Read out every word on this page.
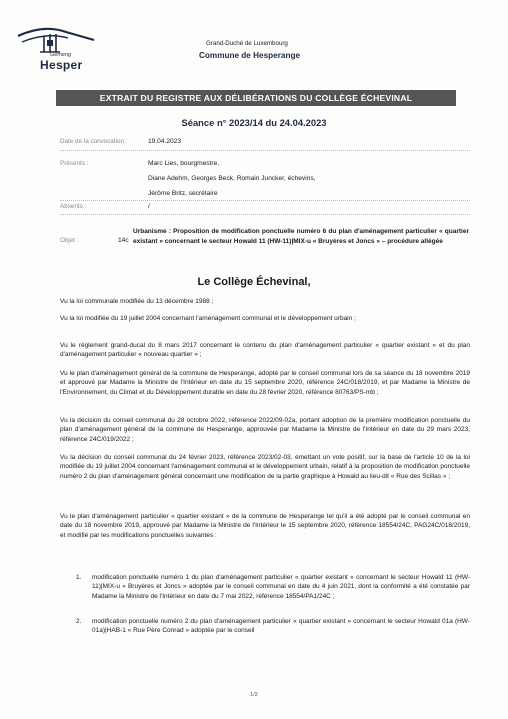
Gemeng
Hesper
Grand-Duché de Luxembourg
Commune de Hesperange
EXTRAIT DU REGISTRE AUX DÉLIBÉRATIONS DU COLLÈGE ÉCHEVINAL
Séance n° 2023/14 du 24.04.2023
Date de la convocation :	19.04.2023
Présents :	Marc Lies, bourgmestre,
Diane Adehm, Georges Beck, Romain Juncker, échevins,
Jérôme Britz, secrétaire
Absents :	/
Objet :	14c
Urbanisme : Proposition de modification ponctuelle numéro 6 du plan d'aménagement particulier « quartier existant » concernant le secteur Howald 11 (HW-11)|MIX-u « Bruyères et Joncs » – procédure allégée
Le Collège Échevinal,

Vu la loi communale modifiée du 13 décembre 1988 ;

Vu la loi modifiée du 19 juillet 2004 concernant l'aménagement communal et le développement urbain ;

Vu le règlement grand-ducal du 8 mars 2017 concernant le contenu du plan d'aménagement particulier « quartier existant » et du plan d'aménagement particulier « nouveau quartier » ;

Vu le plan d'aménagement général de la commune de Hesperange, adopté par le conseil communal lors de sa séance du 18 novembre 2019 et approuvé par Madame la Ministre de l'Intérieur en date du 15 septembre 2020, référence 24C/018/2019, et par Madame la Ministre de l'Environnement, du Climat et du Développement durable en date du 28 février 2020, référence 80763/PS-mb ;

Vu la décision du conseil communal du 28 octobre 2022, référence 2022/09-02a, portant adoption de la première modification ponctuelle du plan d'aménagement général de la commune de Hesperange, approuvée par Madame la Ministre de l'Intérieur en date du 29 mars 2023, référence 24C/019/2022 ;

Vu la décision du conseil communal du 24 février 2023, référence 2023/02-03, émettant un vote positif, sur la base de l'article 10 de la loi modifiée du 19 juillet 2004 concernant l'aménagement communal et le développement urbain, relatif à la proposition de modification ponctuelle numéro 2 du plan d'aménagement général concernant une modification de la partie graphique à Howald au lieu-dit « Rue des Scillas » ;

Vu le plan d'aménagement particulier « quartier existant » de la commune de Hesperange tel qu'il a été adopté par le conseil communal en date du 18 novembre 2019, approuvé par Madame la Ministre de l'Intérieur le 15 septembre 2020, référence 18554/24C, PAG24C/018/2019, et modifié par les modifications ponctuelles suivantes :

1. modification ponctuelle numéro 1 du plan d'aménagement particulier « quartier existant » concernant le secteur Howald 11 (HW-11)|MIX-u « Bruyères et Joncs » adoptée par le conseil communal en date du 4 juin 2021, dont la conformité a été constatée par Madame la Ministre de l'Intérieur en date du 7 mai 2022, référence 18554/PA1/24C ;
2. modification ponctuelle numéro 2 du plan d'aménagement particulier « quartier existant » concernant le secteur Howald 01a (HW-01a)|HAB-1 « Rue Père Conrad » adoptée par le conseil
1/2
